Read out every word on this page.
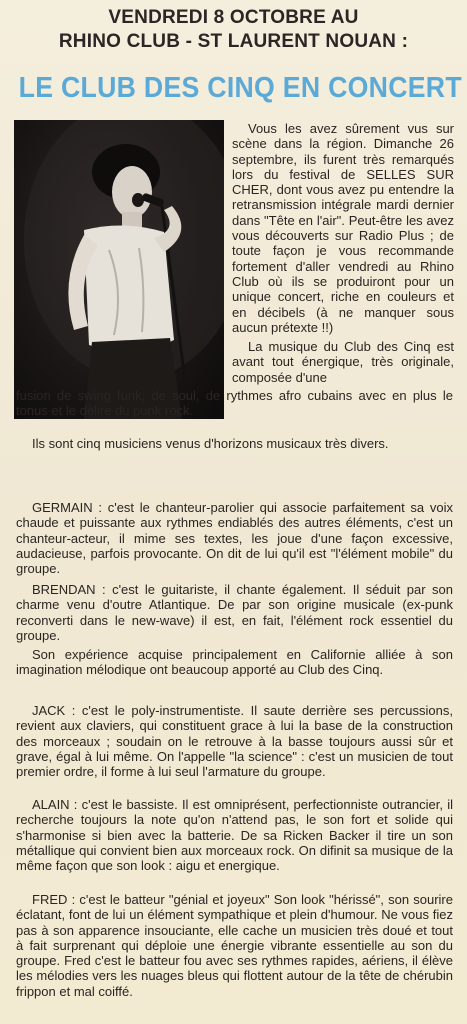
VENDREDI 8 OCTOBRE AU
RHINO CLUB - ST LAURENT NOUAN :
LE CLUB DES CINQ EN CONCERT

Vous les avez sûrement vus sur scène dans la région. Dimanche 26 septembre, ils furent très remarqués lors du festival de SELLES SUR CHER, dont vous avez pu entendre la retransmission intégrale mardi dernier dans "Tête en l'air". Peut-être les avez vous découverts sur Radio Plus ; de toute façon je vous recommande fortement d'aller vendredi au Rhino Club où ils se produiront pour un unique concert, riche en couleurs et en décibels (à ne manquer sous aucun prétexte !!)

La musique du Club des Cinq est avant tout énergique, très originale, composée d'une

fusion de swing funk, de soul, de rythmes afro cubains avec en plus le tonus et le délire du punk rock.

Ils sont cinq musiciens venus d'horizons musicaux très divers.

GERMAIN : c'est le chanteur-parolier qui associe parfaitement sa voix chaude et puissante aux rythmes endiablés des autres éléments, c'est un chanteur-acteur, il mime ses textes, les joue d'une façon excessive, audacieuse, parfois provocante. On dit de lui qu'il est "l'élément mobile" du groupe.

BRENDAN : c'est le guitariste, il chante également. Il séduit par son charme venu d'outre Atlantique. De par son origine musicale (ex-punk reconverti dans le new-wave) il est, en fait, l'élément rock essentiel du groupe.

Son expérience acquise principalement en Californie alliée à son imagination mélodique ont beaucoup apporté au Club des Cinq.

JACK : c'est le poly-instrumentiste. Il saute derrière ses percussions, revient aux claviers, qui constituent grace à lui la base de la construction des morceaux ; soudain on le retrouve à la basse toujours aussi sûr et grave, égal à lui même. On l'appelle "la science" : c'est un musicien de tout premier ordre, il forme à lui seul l'armature du groupe.

ALAIN : c'est le bassiste. Il est omniprésent, perfectionniste outrancier, il recherche toujours la note qu'on n'attend pas, le son fort et solide qui s'harmonise si bien avec la batterie. De sa Ricken Backer il tire un son métallique qui convient bien aux morceaux rock. On difinit sa musique de la même façon que son look : aigu et energique.

FRED : c'est le batteur "génial et joyeux" Son look "hérissé", son sourire éclatant, font de lui un élément sympathique et plein d'humour. Ne vous fiez pas à son apparence insouciante, elle cache un musicien très doué et tout à fait surprenant qui déploie une énergie vibrante essentielle au son du groupe. Fred c'est le batteur fou avec ses rythmes rapides, aériens, il élève les mélodies vers les nuages bleus qui flottent autour de la tête de chérubin frippon et mal coiffé.
